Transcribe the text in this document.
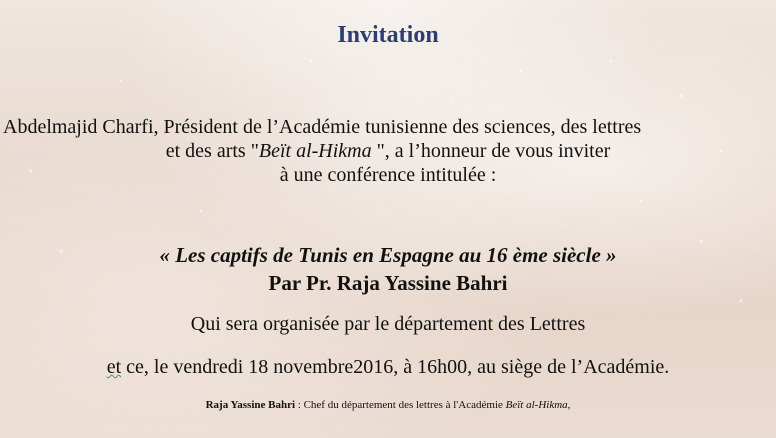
Invitation

Abdelmajid Charfi, Président de l’Académie tunisienne des sciences, des lettres

et des arts "Beït al-Hikma ", a l’honneur de vous inviter

à une conférence intitulée :

« Les captifs de Tunis en Espagne au 16 ème siècle »

Par Pr. Raja Yassine Bahri

Qui sera organisée par le département des Lettres

et ce, le vendredi 18 novembre2016, à 16h00, au siège de l’Académie.

Raja Yassine Bahri : Chef du département des lettres à l'Académie Beït al-Hikma,
